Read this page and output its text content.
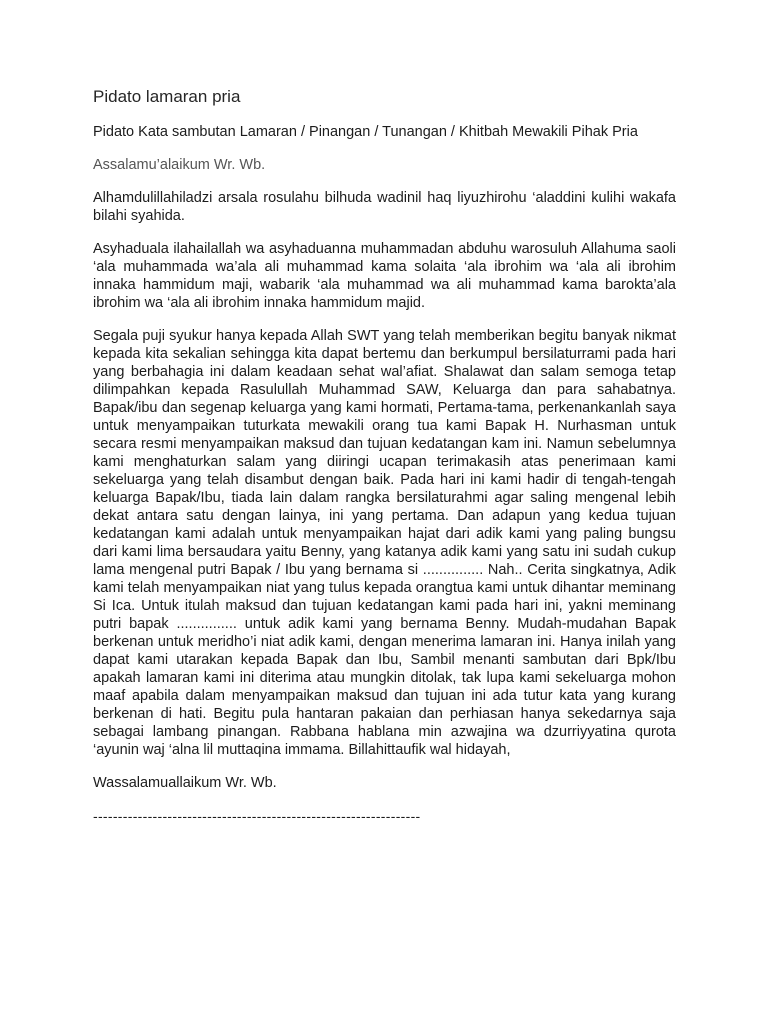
Pidato lamaran pria

Pidato Kata sambutan Lamaran / Pinangan / Tunangan / Khitbah Mewakili Pihak Pria

Assalamu’alaikum Wr. Wb.

Alhamdulillahiladzi arsala rosulahu bilhuda wadinil haq liyuzhirohu ‘aladdini kulihi wakafa bilahi syahida.

Asyhaduala ilahailallah wa asyhaduanna muhammadan abduhu warosuluh Allahuma saoli ‘ala muhammada wa’ala ali muhammad kama solaita ‘ala ibrohim wa ‘ala ali ibrohim innaka hammidum maji, wabarik ‘ala muhammad wa ali muhammad kama barokta’ala ibrohim wa ‘ala ali ibrohim innaka hammidum majid.

Segala puji syukur hanya kepada Allah SWT yang telah memberikan begitu banyak nikmat kepada kita sekalian sehingga kita dapat bertemu dan berkumpul bersilaturrami pada hari yang berbahagia ini dalam keadaan sehat wal’afiat. Shalawat dan salam semoga tetap dilimpahkan kepada Rasulullah Muhammad SAW, Keluarga dan para sahabatnya. Bapak/ibu dan segenap keluarga yang kami hormati, Pertama-tama, perkenankanlah saya untuk menyampaikan tuturkata mewakili orang tua kami Bapak H. Nurhasman untuk secara resmi menyampaikan maksud dan tujuan kedatangan kam ini. Namun sebelumnya kami menghaturkan salam yang diiringi ucapan terimakasih atas penerimaan kami sekeluarga yang telah disambut dengan baik. Pada hari ini kami hadir di tengah-tengah keluarga Bapak/Ibu, tiada lain dalam rangka bersilaturahmi agar saling mengenal lebih dekat antara satu dengan lainya, ini yang pertama. Dan adapun yang kedua tujuan kedatangan kami adalah untuk menyampaikan hajat dari adik kami yang paling bungsu dari kami lima bersaudara yaitu Benny, yang katanya adik kami yang satu ini sudah cukup lama mengenal putri Bapak / Ibu yang bernama si ............... Nah.. Cerita singkatnya, Adik kami telah menyampaikan niat yang tulus kepada orangtua kami untuk dihantar meminang Si Ica. Untuk itulah maksud dan tujuan kedatangan kami pada hari ini, yakni meminang putri bapak ............... untuk adik kami yang bernama Benny. Mudah-mudahan Bapak berkenan untuk meridho’i niat adik kami, dengan menerima lamaran ini. Hanya inilah yang dapat kami utarakan kepada Bapak dan Ibu, Sambil menanti sambutan dari Bpk/Ibu apakah lamaran kami ini diterima atau mungkin ditolak, tak lupa kami sekeluarga mohon maaf apabila dalam menyampaikan maksud dan tujuan ini ada tutur kata yang kurang berkenan di hati. Begitu pula hantaran pakaian dan perhiasan hanya sekedarnya saja sebagai lambang pinangan. Rabbana hablana min azwajina wa dzurriyyatina qurota ‘ayunin waj ‘alna lil muttaqina immama. Billahittaufik wal hidayah,

Wassalamuallaikum Wr. Wb.

------------------------------------------------------------------
